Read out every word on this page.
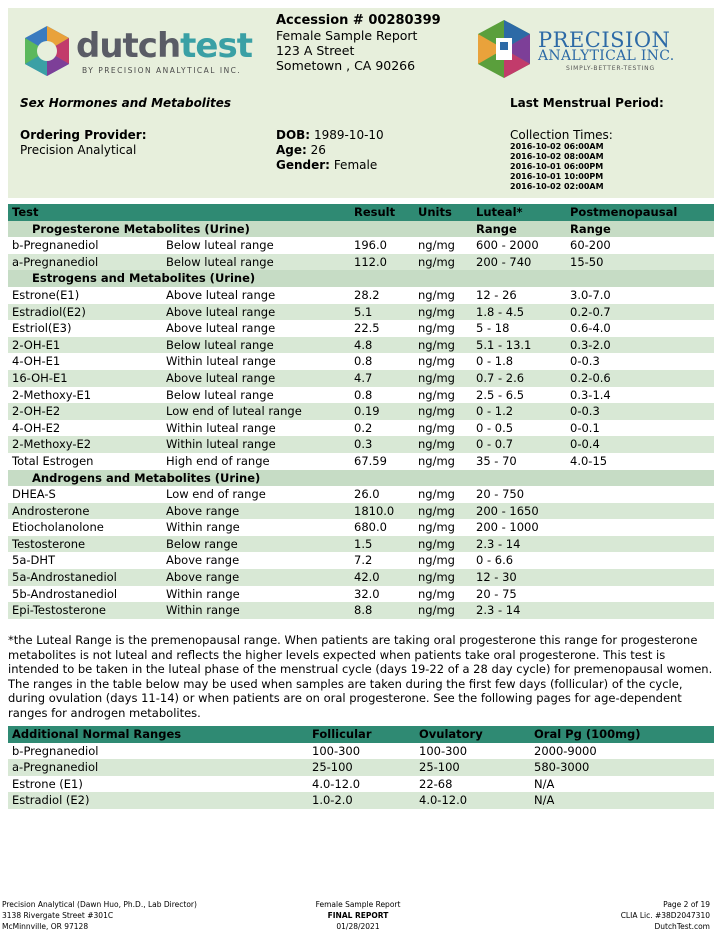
dutchtest
BY PRECISION ANALYTICAL INC.
Accession # 00280399
Female Sample Report
123 A Street
Sometown , CA 90266
PRECISION
ANALYTICAL INC.
SIMPLY-BETTER-TESTING
Sex Hormones and Metabolites	Last Menstrual Period:
Ordering Provider:
Precision Analytical
DOB: 1989-10-10
Age: 26
Gender: Female
Collection Times:
2016-10-02 06:00AM
2016-10-02 08:00AM
2016-10-01 06:00PM
2016-10-01 10:00PM
2016-10-02 02:00AM
Test		Result	Units	Luteal*	Postmenopausal
Progesterone Metabolites (Urine)				Range	Range
b-Pregnanediol	Below luteal range	196.0	ng/mg	600 - 2000	60-200
a-Pregnanediol	Below luteal range	112.0	ng/mg	200 - 740	15-50
Estrogens and Metabolites (Urine)					
Estrone(E1)	Above luteal range	28.2	ng/mg	12 - 26	3.0-7.0
Estradiol(E2)	Above luteal range	5.1	ng/mg	1.8 - 4.5	0.2-0.7
Estriol(E3)	Above luteal range	22.5	ng/mg	5 - 18	0.6-4.0
2-OH-E1	Below luteal range	4.8	ng/mg	5.1 - 13.1	0.3-2.0
4-OH-E1	Within luteal range	0.8	ng/mg	0 - 1.8	0-0.3
16-OH-E1	Above luteal range	4.7	ng/mg	0.7 - 2.6	0.2-0.6
2-Methoxy-E1	Below luteal range	0.8	ng/mg	2.5 - 6.5	0.3-1.4
2-OH-E2	Low end of luteal range	0.19	ng/mg	0 - 1.2	0-0.3
4-OH-E2	Within luteal range	0.2	ng/mg	0 - 0.5	0-0.1
2-Methoxy-E2	Within luteal range	0.3	ng/mg	0 - 0.7	0-0.4
Total Estrogen	High end of range	67.59	ng/mg	35 - 70	4.0-15
Androgens and Metabolites (Urine)					
DHEA-S	Low end of range	26.0	ng/mg	20 - 750	
Androsterone	Above range	1810.0	ng/mg	200 - 1650	
Etiocholanolone	Within range	680.0	ng/mg	200 - 1000	
Testosterone	Below range	1.5	ng/mg	2.3 - 14	
5a-DHT	Above range	7.2	ng/mg	0 - 6.6	
5a-Androstanediol	Above range	42.0	ng/mg	12 - 30	
5b-Androstanediol	Within range	32.0	ng/mg	20 - 75	
Epi-Testosterone	Within range	8.8	ng/mg	2.3 - 14	
*the Luteal Range is the premenopausal range. When patients are taking oral progesterone this range for progesterone metabolites is not luteal and reflects the higher levels expected when patients take oral progesterone. This test is intended to be taken in the luteal phase of the menstrual cycle (days 19-22 of a 28 day cycle) for premenopausal women. The ranges in the table below may be used when samples are taken during the first few days (follicular) of the cycle, during ovulation (days 11-14) or when patients are on oral progesterone. See the following pages for age-dependent ranges for androgen metabolites.
Additional Normal Ranges	Follicular	Ovulatory	Oral Pg (100mg)
b-Pregnanediol	100-300	100-300	2000-9000
a-Pregnanediol	25-100	25-100	580-3000
Estrone (E1)	4.0-12.0	22-68	N/A
Estradiol (E2)	1.0-2.0	4.0-12.0	N/A
Precision Analytical (Dawn Huo, Ph.D., Lab Director)
3138 Rivergate Street #301C
McMinnville, OR 97128
Female Sample Report
FINAL REPORT
01/28/2021
Page 2 of 19
CLIA Lic. #38D2047310
DutchTest.com
